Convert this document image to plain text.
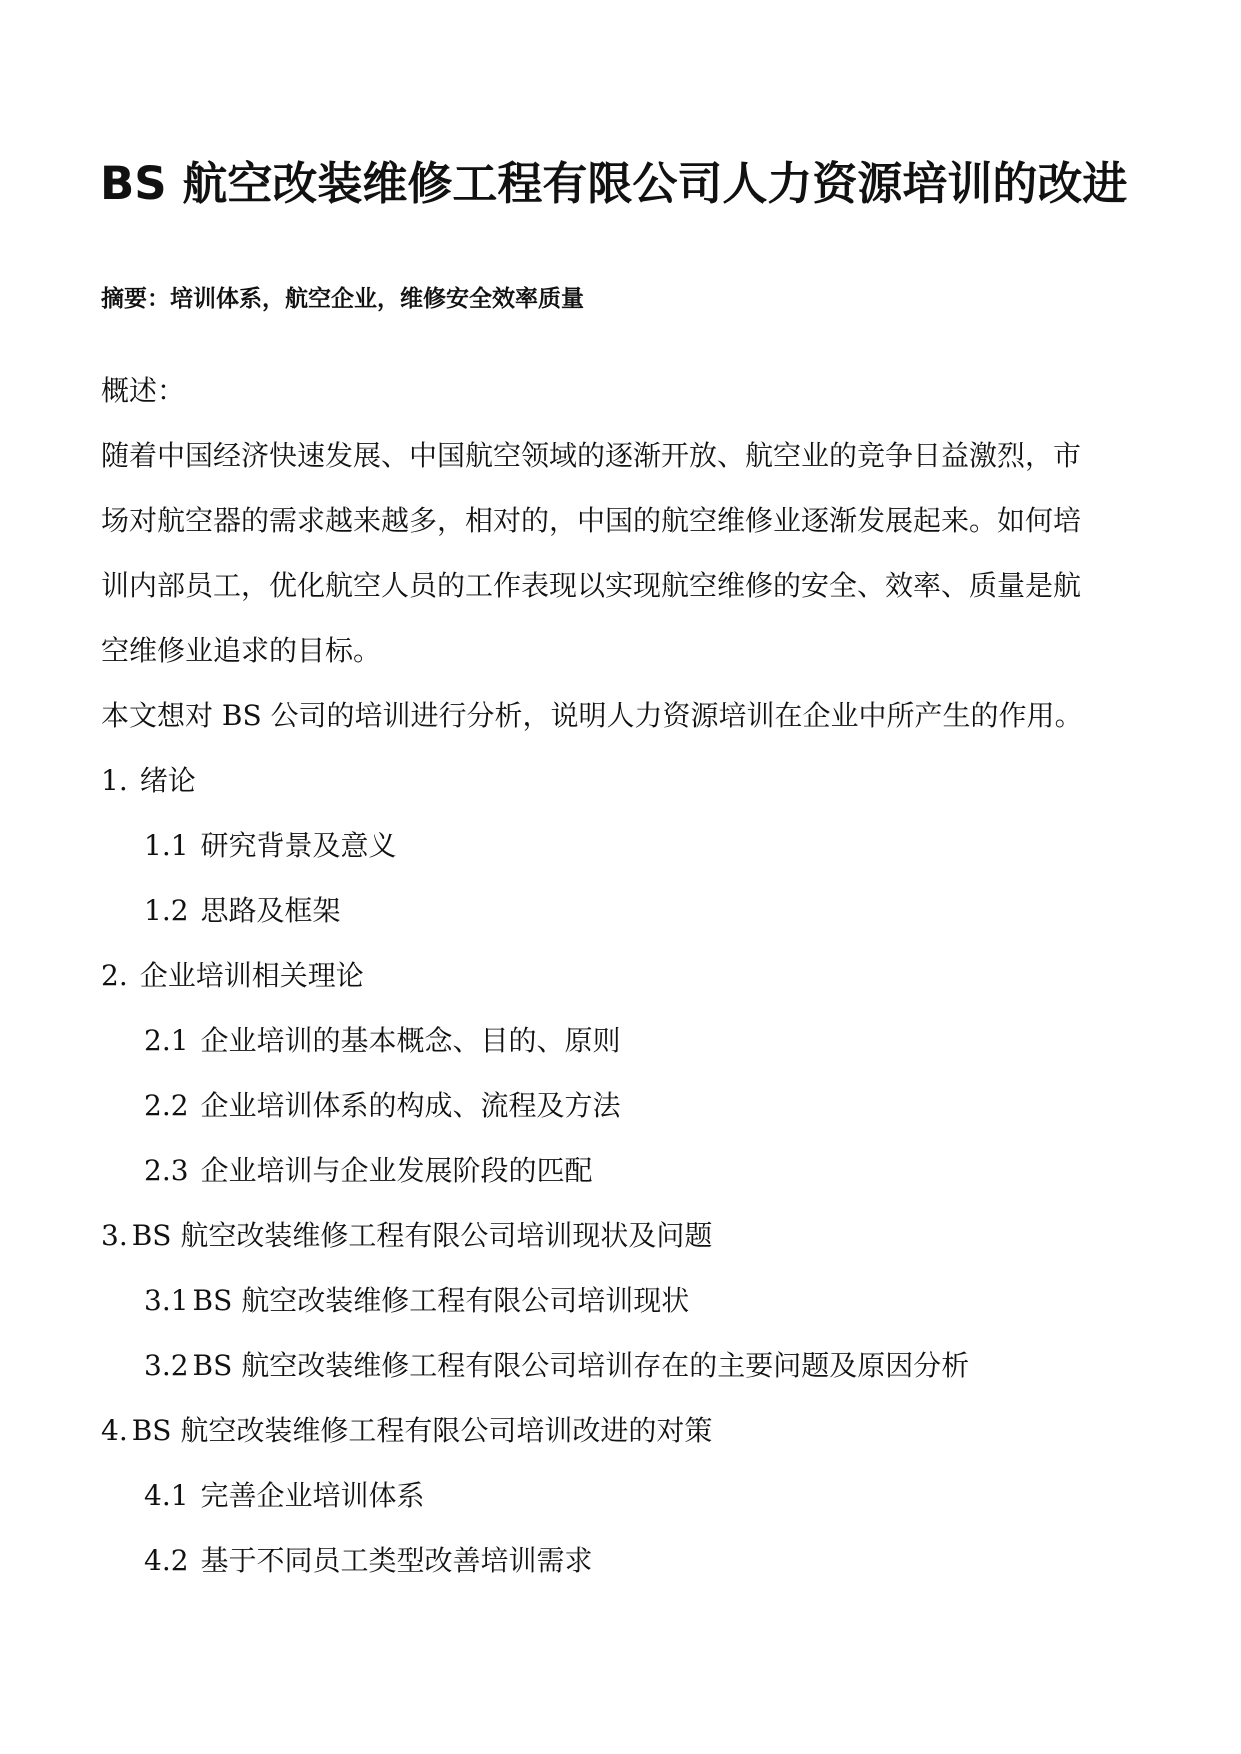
BS 航空改装维修工程有限公司人力资源培训的改进
摘要：培训体系，航空企业，维修安全效率质量
概述：
随着中国经济快速发展、中国航空领域的逐渐开放、航空业的竞争日益激烈，市
场对航空器的需求越来越多，相对的，中国的航空维修业逐渐发展起来。如何培
训内部员工，优化航空人员的工作表现以实现航空维修的安全、效率、质量是航
空维修业追求的目标。
本文想对 BS 公司的培训进行分析，说明人力资源培训在企业中所产生的作用。
1. 绪论
1.1 研究背景及意义
1.2 思路及框架
2. 企业培训相关理论
2.1 企业培训的基本概念、目的、原则
2.2 企业培训体系的构成、流程及方法
2.3 企业培训与企业发展阶段的匹配
3. BS 航空改装维修工程有限公司培训现状及问题
3.1 BS 航空改装维修工程有限公司培训现状
3.2 BS 航空改装维修工程有限公司培训存在的主要问题及原因分析
4. BS 航空改装维修工程有限公司培训改进的对策
4.1 完善企业培训体系
4.2 基于不同员工类型改善培训需求
